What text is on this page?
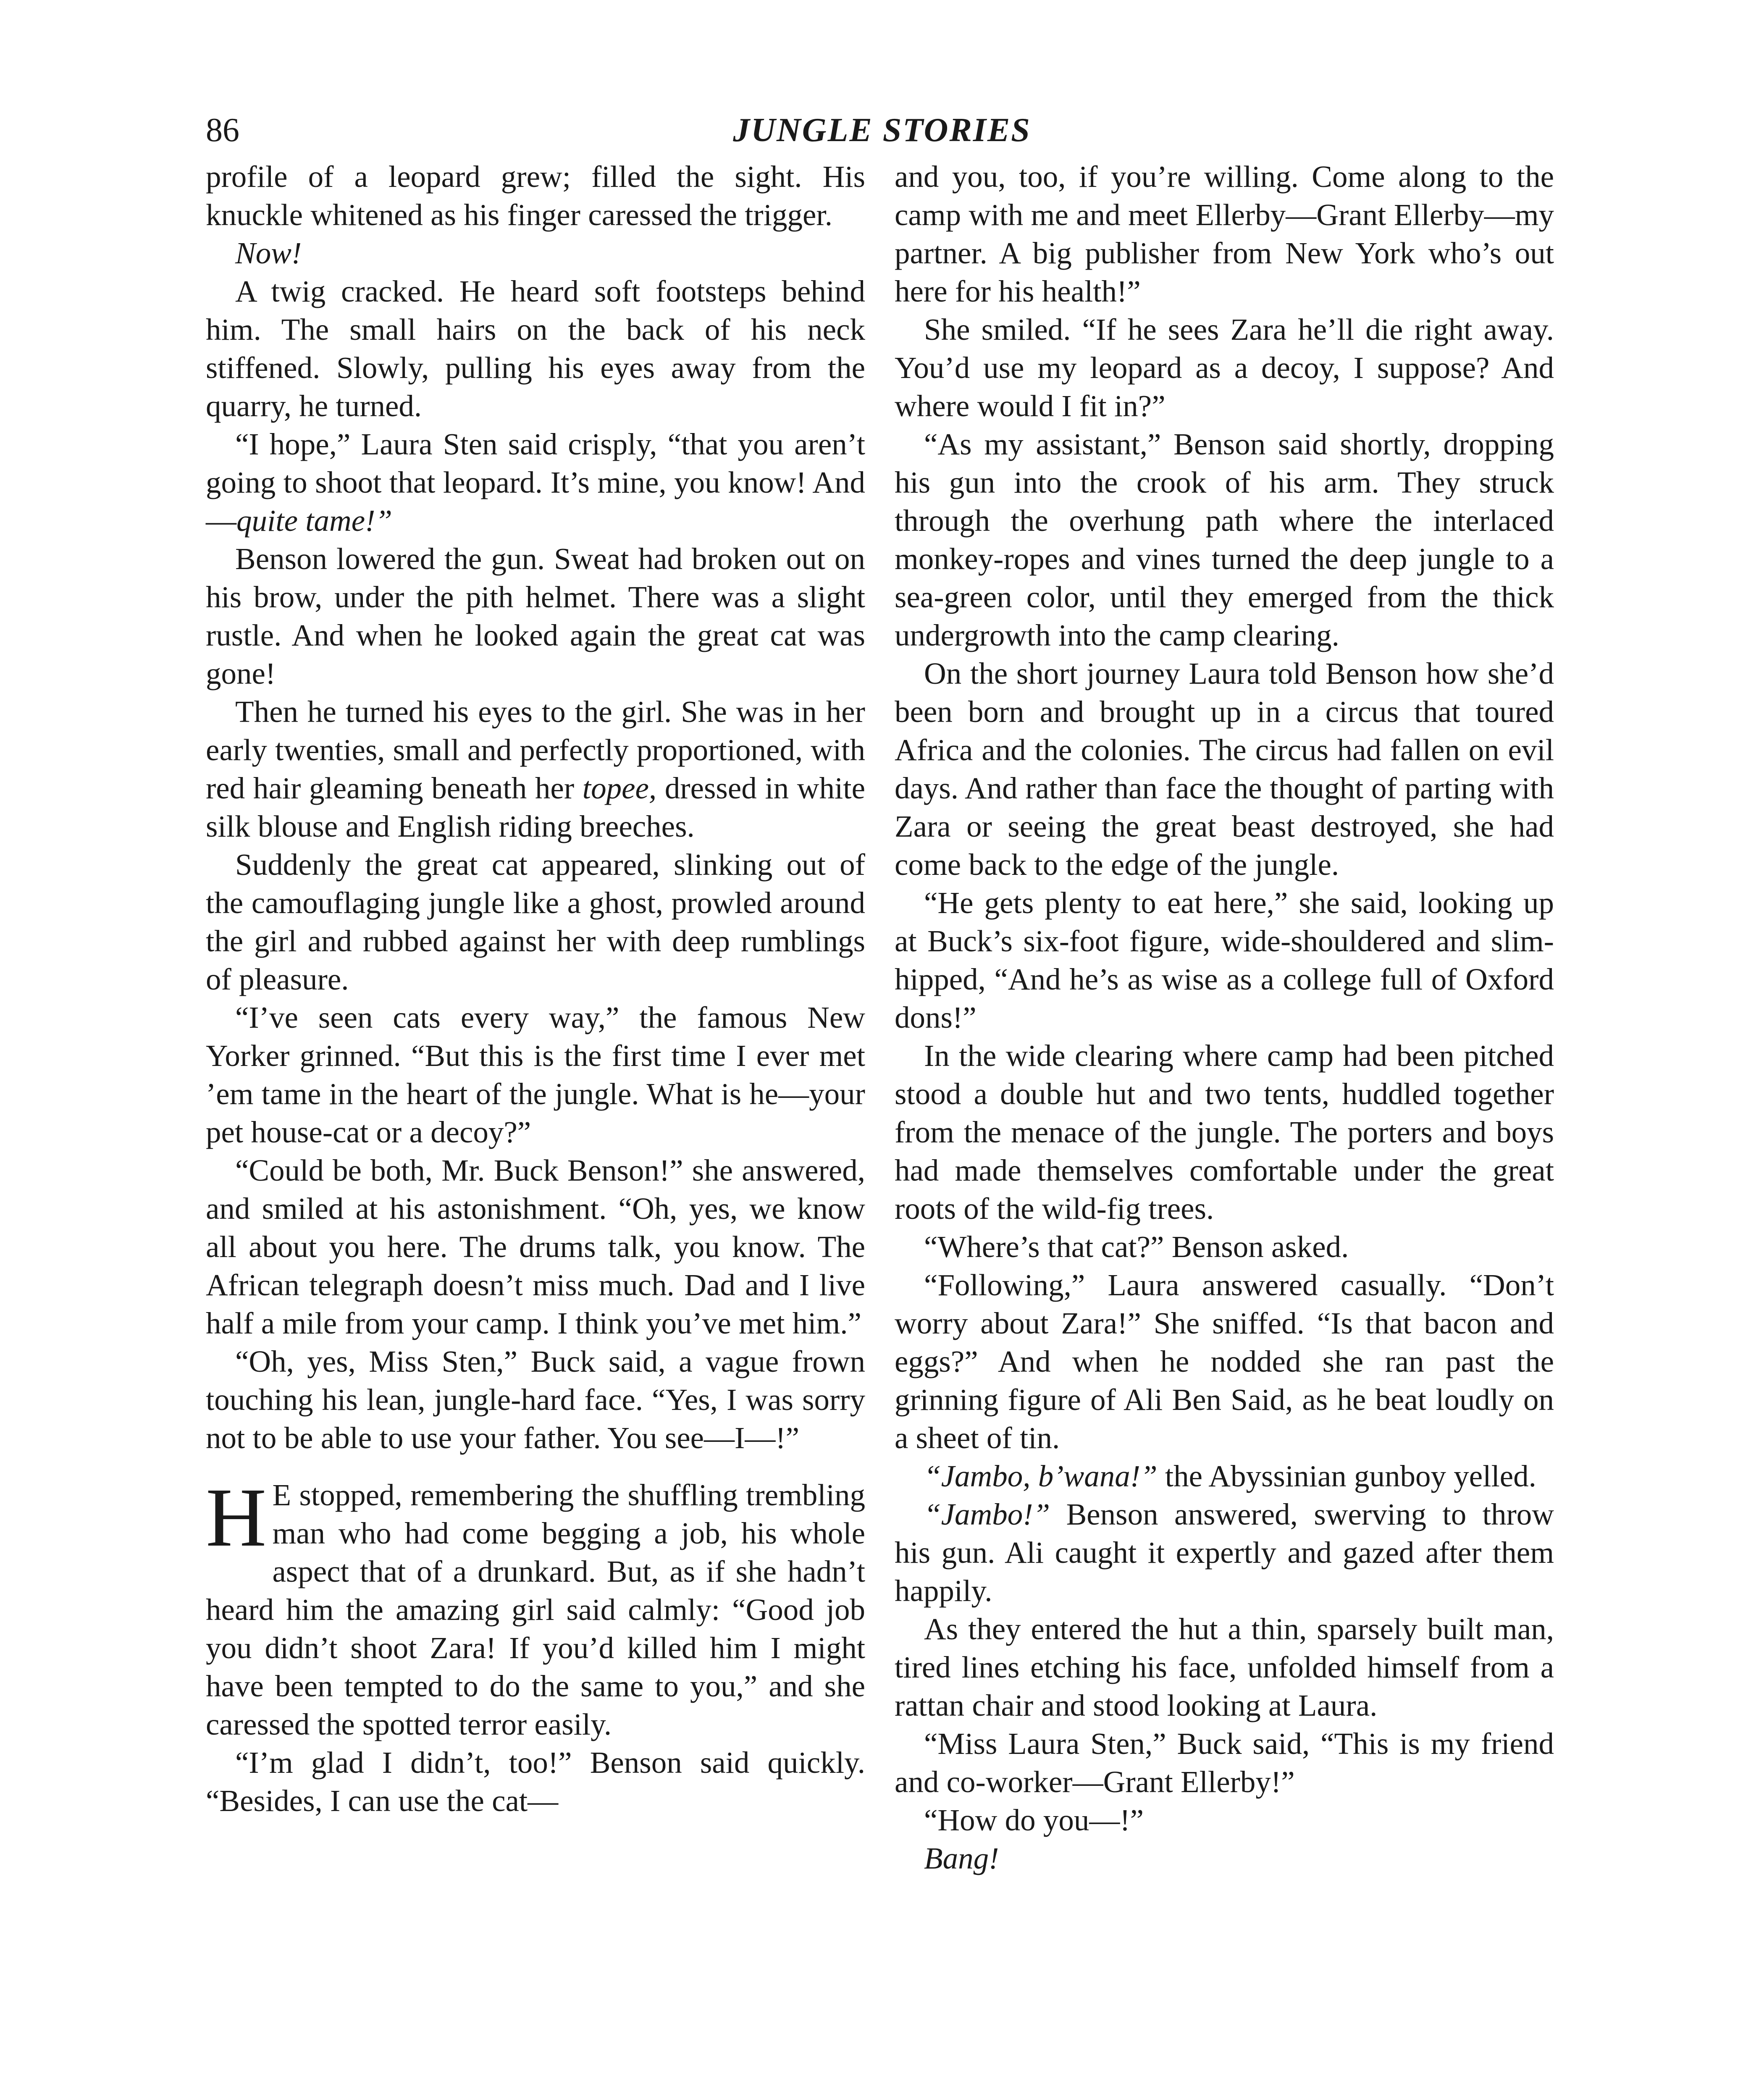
86	JUNGLE STORIES

profile of a leopard grew; filled the sight. His knuckle whitened as his finger caressed the trigger.

Now!

A twig cracked. He heard soft footsteps behind him. The small hairs on the back of his neck stiffened. Slowly, pulling his eyes away from the quarry, he turned.

“I hope,” Laura Sten said crisply, “that you aren’t going to shoot that leopard. It’s mine, you know! And—quite tame!”

Benson lowered the gun. Sweat had broken out on his brow, under the pith helmet. There was a slight rustle. And when he looked again the great cat was gone!

Then he turned his eyes to the girl. She was in her early twenties, small and perfectly proportioned, with red hair gleaming beneath her topee, dressed in white silk blouse and English riding breeches.

Suddenly the great cat appeared, slinking out of the camouflaging jungle like a ghost, prowled around the girl and rubbed against her with deep rumblings of pleasure.

“I’ve seen cats every way,” the famous New Yorker grinned. “But this is the first time I ever met ’em tame in the heart of the jungle. What is he—your pet house-cat or a decoy?”

“Could be both, Mr. Buck Benson!” she answered, and smiled at his astonishment. “Oh, yes, we know all about you here. The drums talk, you know. The African telegraph doesn’t miss much. Dad and I live half a mile from your camp. I think you’ve met him.”

“Oh, yes, Miss Sten,” Buck said, a vague frown touching his lean, jungle-hard face. “Yes, I was sorry not to be able to use your father. You see—I—!”

H E stopped, remembering the shuffling trembling man who had come begging a job, his whole aspect that of a drunkard. But, as if she hadn’t heard him the amazing girl said calmly: “Good job you didn’t shoot Zara! If you’d killed him I might have been tempted to do the same to you,” and she caressed the spotted terror easily.

“I’m glad I didn’t, too!” Benson said quickly. “Besides, I can use the cat—

and you, too, if you’re willing. Come along to the camp with me and meet Ellerby—Grant Ellerby—my partner. A big publisher from New York who’s out here for his health!”

She smiled. “If he sees Zara he’ll die right away. You’d use my leopard as a decoy, I suppose? And where would I fit in?”

“As my assistant,” Benson said shortly, dropping his gun into the crook of his arm. They struck through the overhung path where the interlaced monkey-ropes and vines turned the deep jungle to a sea-green color, until they emerged from the thick undergrowth into the camp clearing.

On the short journey Laura told Benson how she’d been born and brought up in a circus that toured Africa and the colonies. The circus had fallen on evil days. And rather than face the thought of parting with Zara or seeing the great beast destroyed, she had come back to the edge of the jungle.

“He gets plenty to eat here,” she said, looking up at Buck’s six-foot figure, wide-shouldered and slim-hipped, “And he’s as wise as a college full of Oxford dons!”

In the wide clearing where camp had been pitched stood a double hut and two tents, huddled together from the menace of the jungle. The porters and boys had made themselves comfortable under the great roots of the wild-fig trees.

“Where’s that cat?” Benson asked.

“Following,” Laura answered casually. “Don’t worry about Zara!” She sniffed. “Is that bacon and eggs?” And when he nodded she ran past the grinning figure of Ali Ben Said, as he beat loudly on a sheet of tin.

“Jambo, b’wana!” the Abyssinian gunboy yelled.

“Jambo!” Benson answered, swerving to throw his gun. Ali caught it expertly and gazed after them happily.

As they entered the hut a thin, sparsely built man, tired lines etching his face, unfolded himself from a rattan chair and stood looking at Laura.

“Miss Laura Sten,” Buck said, “This is my friend and co-worker—Grant Ellerby!”

“How do you—!”

Bang!
